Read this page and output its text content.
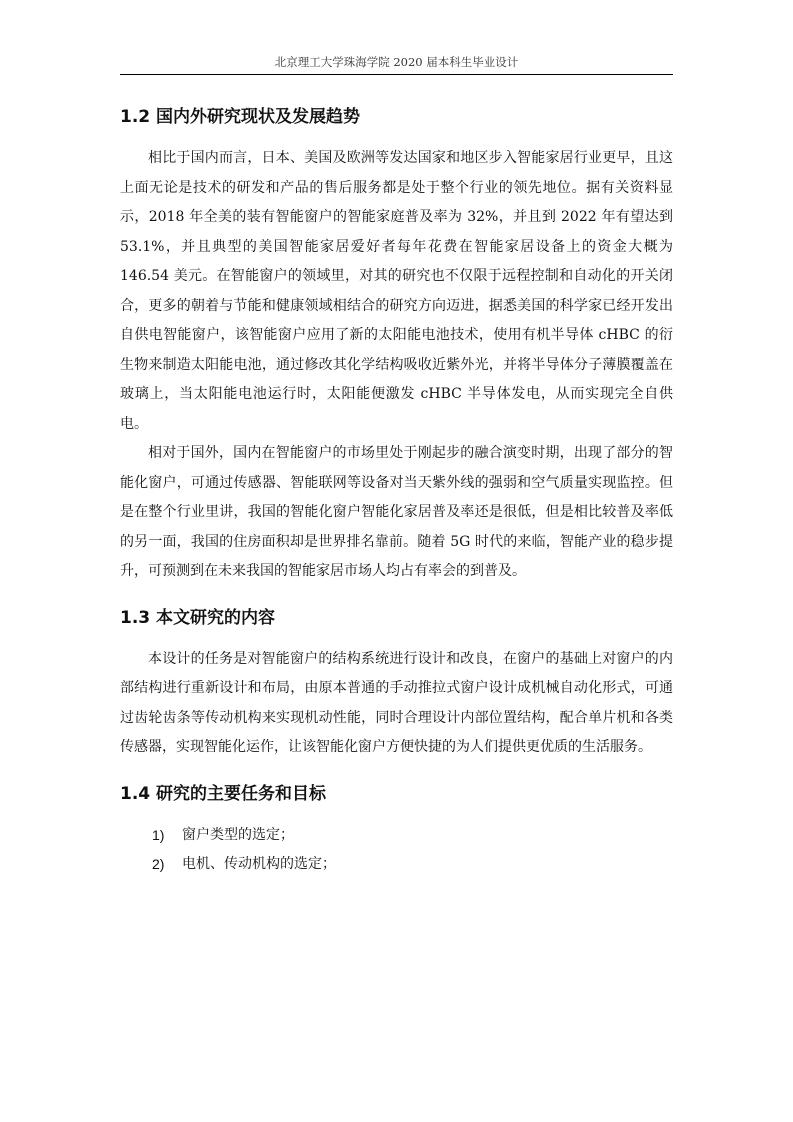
北京理工大学珠海学院 2020 届本科生毕业设计
1.2 国内外研究现状及发展趋势

相比于国内而言，日本、美国及欧洲等发达国家和地区步入智能家居行业更早，且这上面无论是技术的研发和产品的售后服务都是处于整个行业的领先地位。据有关资料显示，2018 年全美的装有智能窗户的智能家庭普及率为 32%，并且到 2022 年有望达到 53.1%，并且典型的美国智能家居爱好者每年花费在智能家居设备上的资金大概为 146.54 美元。在智能窗户的领域里，对其的研究也不仅限于远程控制和自动化的开关闭合，更多的朝着与节能和健康领域相结合的研究方向迈进，据悉美国的科学家已经开发出自供电智能窗户，该智能窗户应用了新的太阳能电池技术，使用有机半导体 cHBC 的衍生物来制造太阳能电池，通过修改其化学结构吸收近紫外光，并将半导体分子薄膜覆盖在玻璃上，当太阳能电池运行时，太阳能便激发 cHBC 半导体发电，从而实现完全自供电。

相对于国外，国内在智能窗户的市场里处于刚起步的融合演变时期，出现了部分的智能化窗户，可通过传感器、智能联网等设备对当天紫外线的强弱和空气质量实现监控。但是在整个行业里讲，我国的智能化窗户智能化家居普及率还是很低，但是相比较普及率低的另一面，我国的住房面积却是世界排名靠前。随着 5G 时代的来临，智能产业的稳步提升，可预测到在未来我国的智能家居市场人均占有率会的到普及。

1.3 本文研究的内容

本设计的任务是对智能窗户的结构系统进行设计和改良，在窗户的基础上对窗户的内部结构进行重新设计和布局，由原本普通的手动推拉式窗户设计成机械自动化形式，可通过齿轮齿条等传动机构来实现机动性能，同时合理设计内部位置结构，配合单片机和各类传感器，实现智能化运作，让该智能化窗户方便快捷的为人们提供更优质的生活服务。

1.4 研究的主要任务和目标
1)	窗户类型的选定；
2)	电机、传动机构的选定；
